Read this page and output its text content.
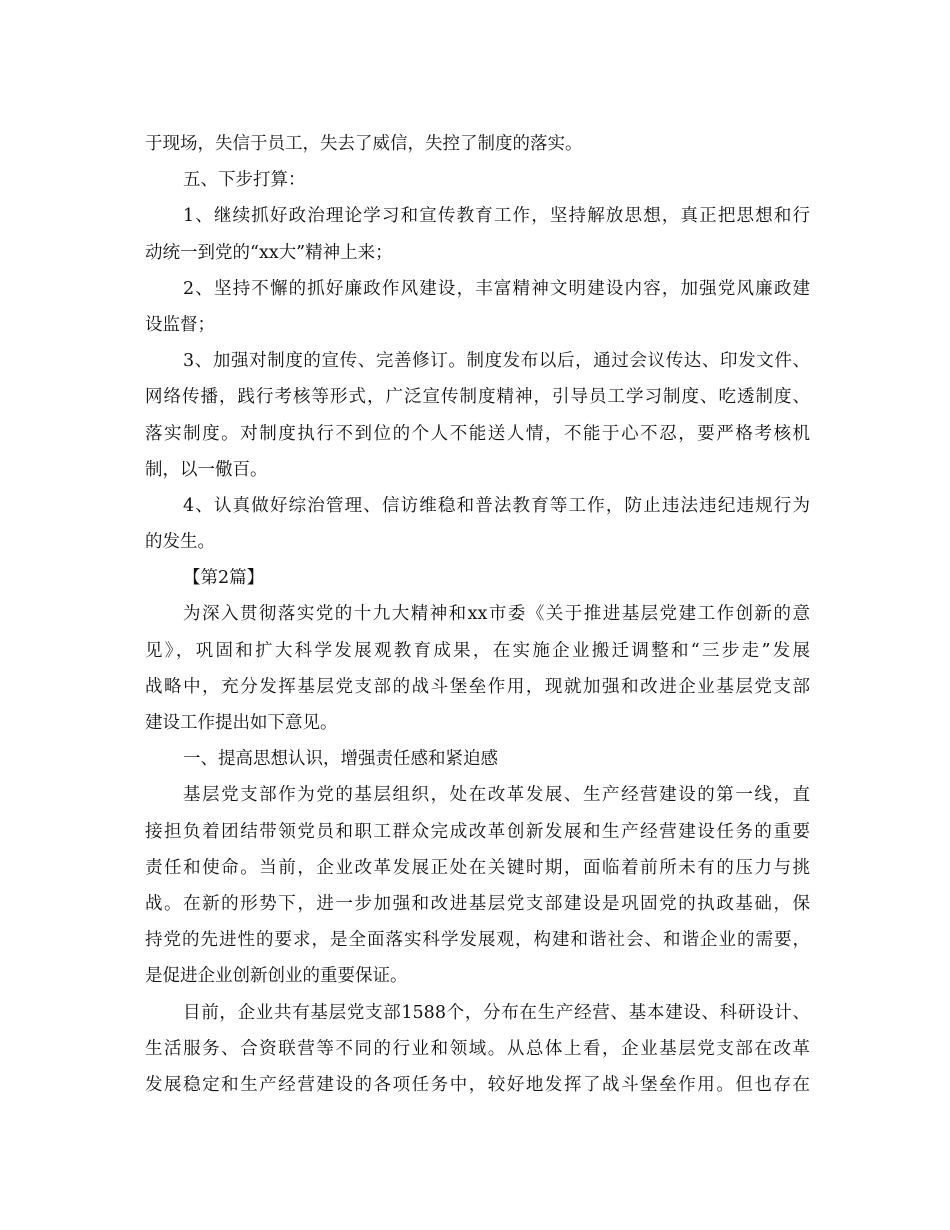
于现场，失信于员工，失去了威信，失控了制度的落实。
五、下步打算：
1、继续抓好政治理论学习和宣传教育工作，坚持解放思想，真正把思想和行
动统一到党的“xx大”精神上来；
2、坚持不懈的抓好廉政作风建设，丰富精神文明建设内容，加强党风廉政建
设监督；
3、加强对制度的宣传、完善修订。制度发布以后，通过会议传达、印发文件、
网络传播，践行考核等形式，广泛宣传制度精神，引导员工学习制度、吃透制度、
落实制度。对制度执行不到位的个人不能送人情，不能于心不忍，要严格考核机
制，以一儆百。
4、认真做好综治管理、信访维稳和普法教育等工作，防止违法违纪违规行为
的发生。
【第2篇】
为深入贯彻落实党的十九大精神和xx市委《关于推进基层党建工作创新的意
见》，巩固和扩大科学发展观教育成果，在实施企业搬迁调整和“三步走”发展
战略中，充分发挥基层党支部的战斗堡垒作用，现就加强和改进企业基层党支部
建设工作提出如下意见。
一、提高思想认识，增强责任感和紧迫感
基层党支部作为党的基层组织，处在改革发展、生产经营建设的第一线，直
接担负着团结带领党员和职工群众完成改革创新发展和生产经营建设任务的重要
责任和使命。当前，企业改革发展正处在关键时期，面临着前所未有的压力与挑
战。在新的形势下，进一步加强和改进基层党支部建设是巩固党的执政基础，保
持党的先进性的要求，是全面落实科学发展观，构建和谐社会、和谐企业的需要，
是促进企业创新创业的重要保证。
目前，企业共有基层党支部1588个，分布在生产经营、基本建设、科研设计、
生活服务、合资联营等不同的行业和领域。从总体上看，企业基层党支部在改革
发展稳定和生产经营建设的各项任务中，较好地发挥了战斗堡垒作用。但也存在
